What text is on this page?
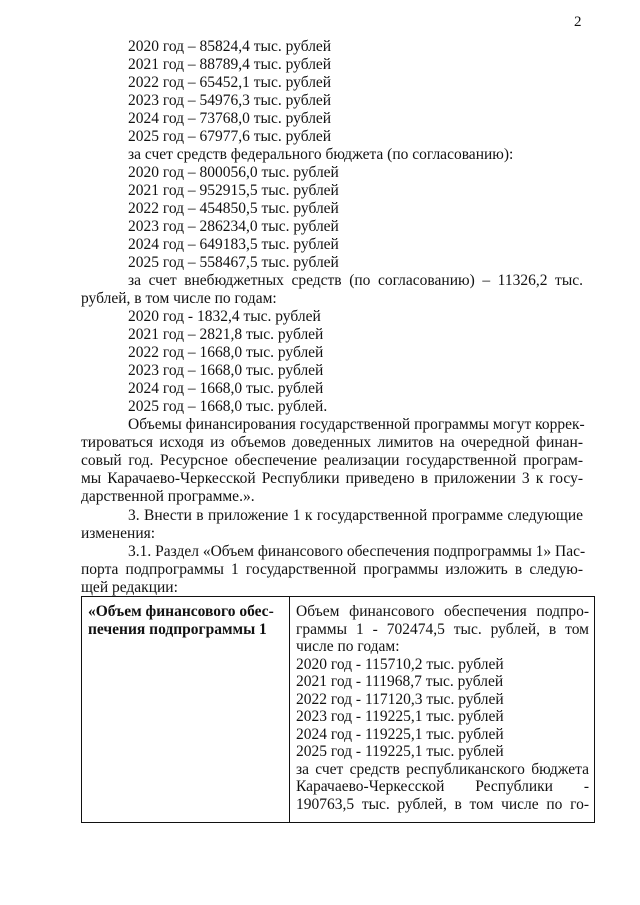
2
2020 год – 85824,4 тыс. рублей
2021 год – 88789,4 тыс. рублей
2022 год – 65452,1 тыс. рублей
2023 год – 54976,3 тыс. рублей
2024 год – 73768,0 тыс. рублей
2025 год – 67977,6 тыс. рублей
за счет средств федерального бюджета (по согласованию):
2020 год – 800056,0 тыс. рублей
2021 год – 952915,5 тыс. рублей
2022 год – 454850,5 тыс. рублей
2023 год – 286234,0 тыс. рублей
2024 год – 649183,5 тыс. рублей
2025 год – 558467,5 тыс. рублей
за счет внебюджетных средств (по согласованию) – 11326,2 тыс.
рублей, в том числе по годам:
2020 год - 1832,4 тыс. рублей
2021 год – 2821,8 тыс. рублей
2022 год – 1668,0 тыс. рублей
2023 год – 1668,0 тыс. рублей
2024 год – 1668,0 тыс. рублей
2025 год – 1668,0 тыс. рублей.
Объемы финансирования государственной программы могут коррек-
тироваться исходя из объемов доведенных лимитов на очередной финан-
совый год. Ресурсное обеспечение реализации государственной програм-
мы Карачаево-Черкесской Республики приведено в приложении 3 к госу-
дарственной программе.».
3. Внести в приложение 1 к государственной программе следующие
изменения:
3.1. Раздел «Объем финансового обеспечения подпрограммы 1» Пас-
порта подпрограммы 1 государственной программы изложить в следую-
щей редакции:
«Объем финансового обес-
печения подпрограммы 1

Объем финансового обеспечения подпро-
граммы 1 - 702474,5 тыс. рублей, в том
числе по годам:
2020 год - 115710,2 тыс. рублей
2021 год - 111968,7 тыс. рублей
2022 год - 117120,3 тыс. рублей
2023 год - 119225,1 тыс. рублей
2024 год - 119225,1 тыс. рублей
2025 год - 119225,1 тыс. рублей
за счет средств республиканского бюджета
Карачаево-Черкесской Республики -
190763,5 тыс. рублей, в том числе по го-
